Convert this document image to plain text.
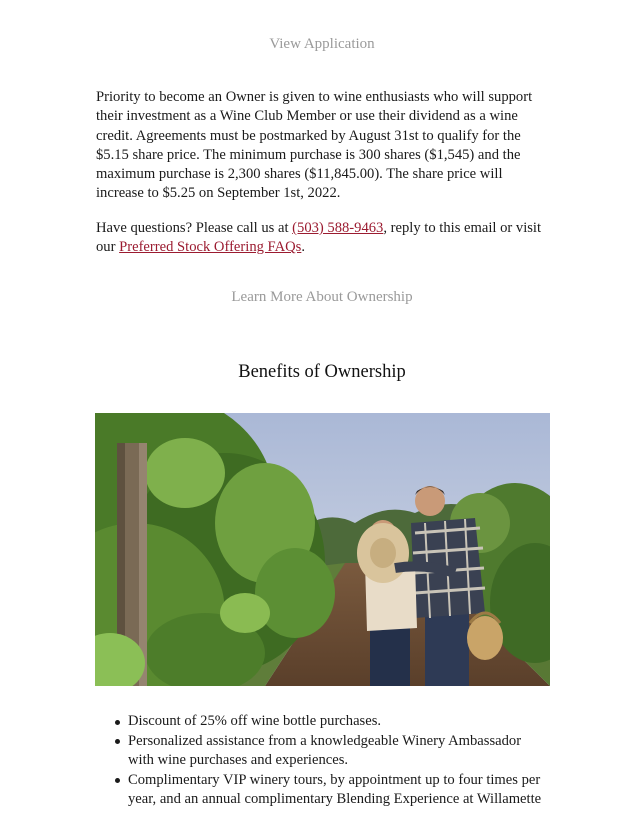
View Application

Priority to become an Owner is given to wine enthusiasts who will support their investment as a Wine Club Member or use their dividend as a wine credit. Agreements must be postmarked by August 31st to qualify for the $5.15 share price. The minimum purchase is 300 shares ($1,545) and the maximum purchase is 2,300 shares ($11,845.00). The share price will increase to $5.25 on September 1st, 2022.

Have questions? Please call us at (503) 588-9463, reply to this email or visit our Preferred Stock Offering FAQs.

Learn More About Ownership
Benefits of Ownership
Discount of 25% off wine bottle purchases.
Personalized assistance from a knowledgeable Winery Ambassador with wine purchases and experiences.
Complimentary VIP winery tours, by appointment up to four times per year, and an annual complimentary Blending Experience at Willamette
